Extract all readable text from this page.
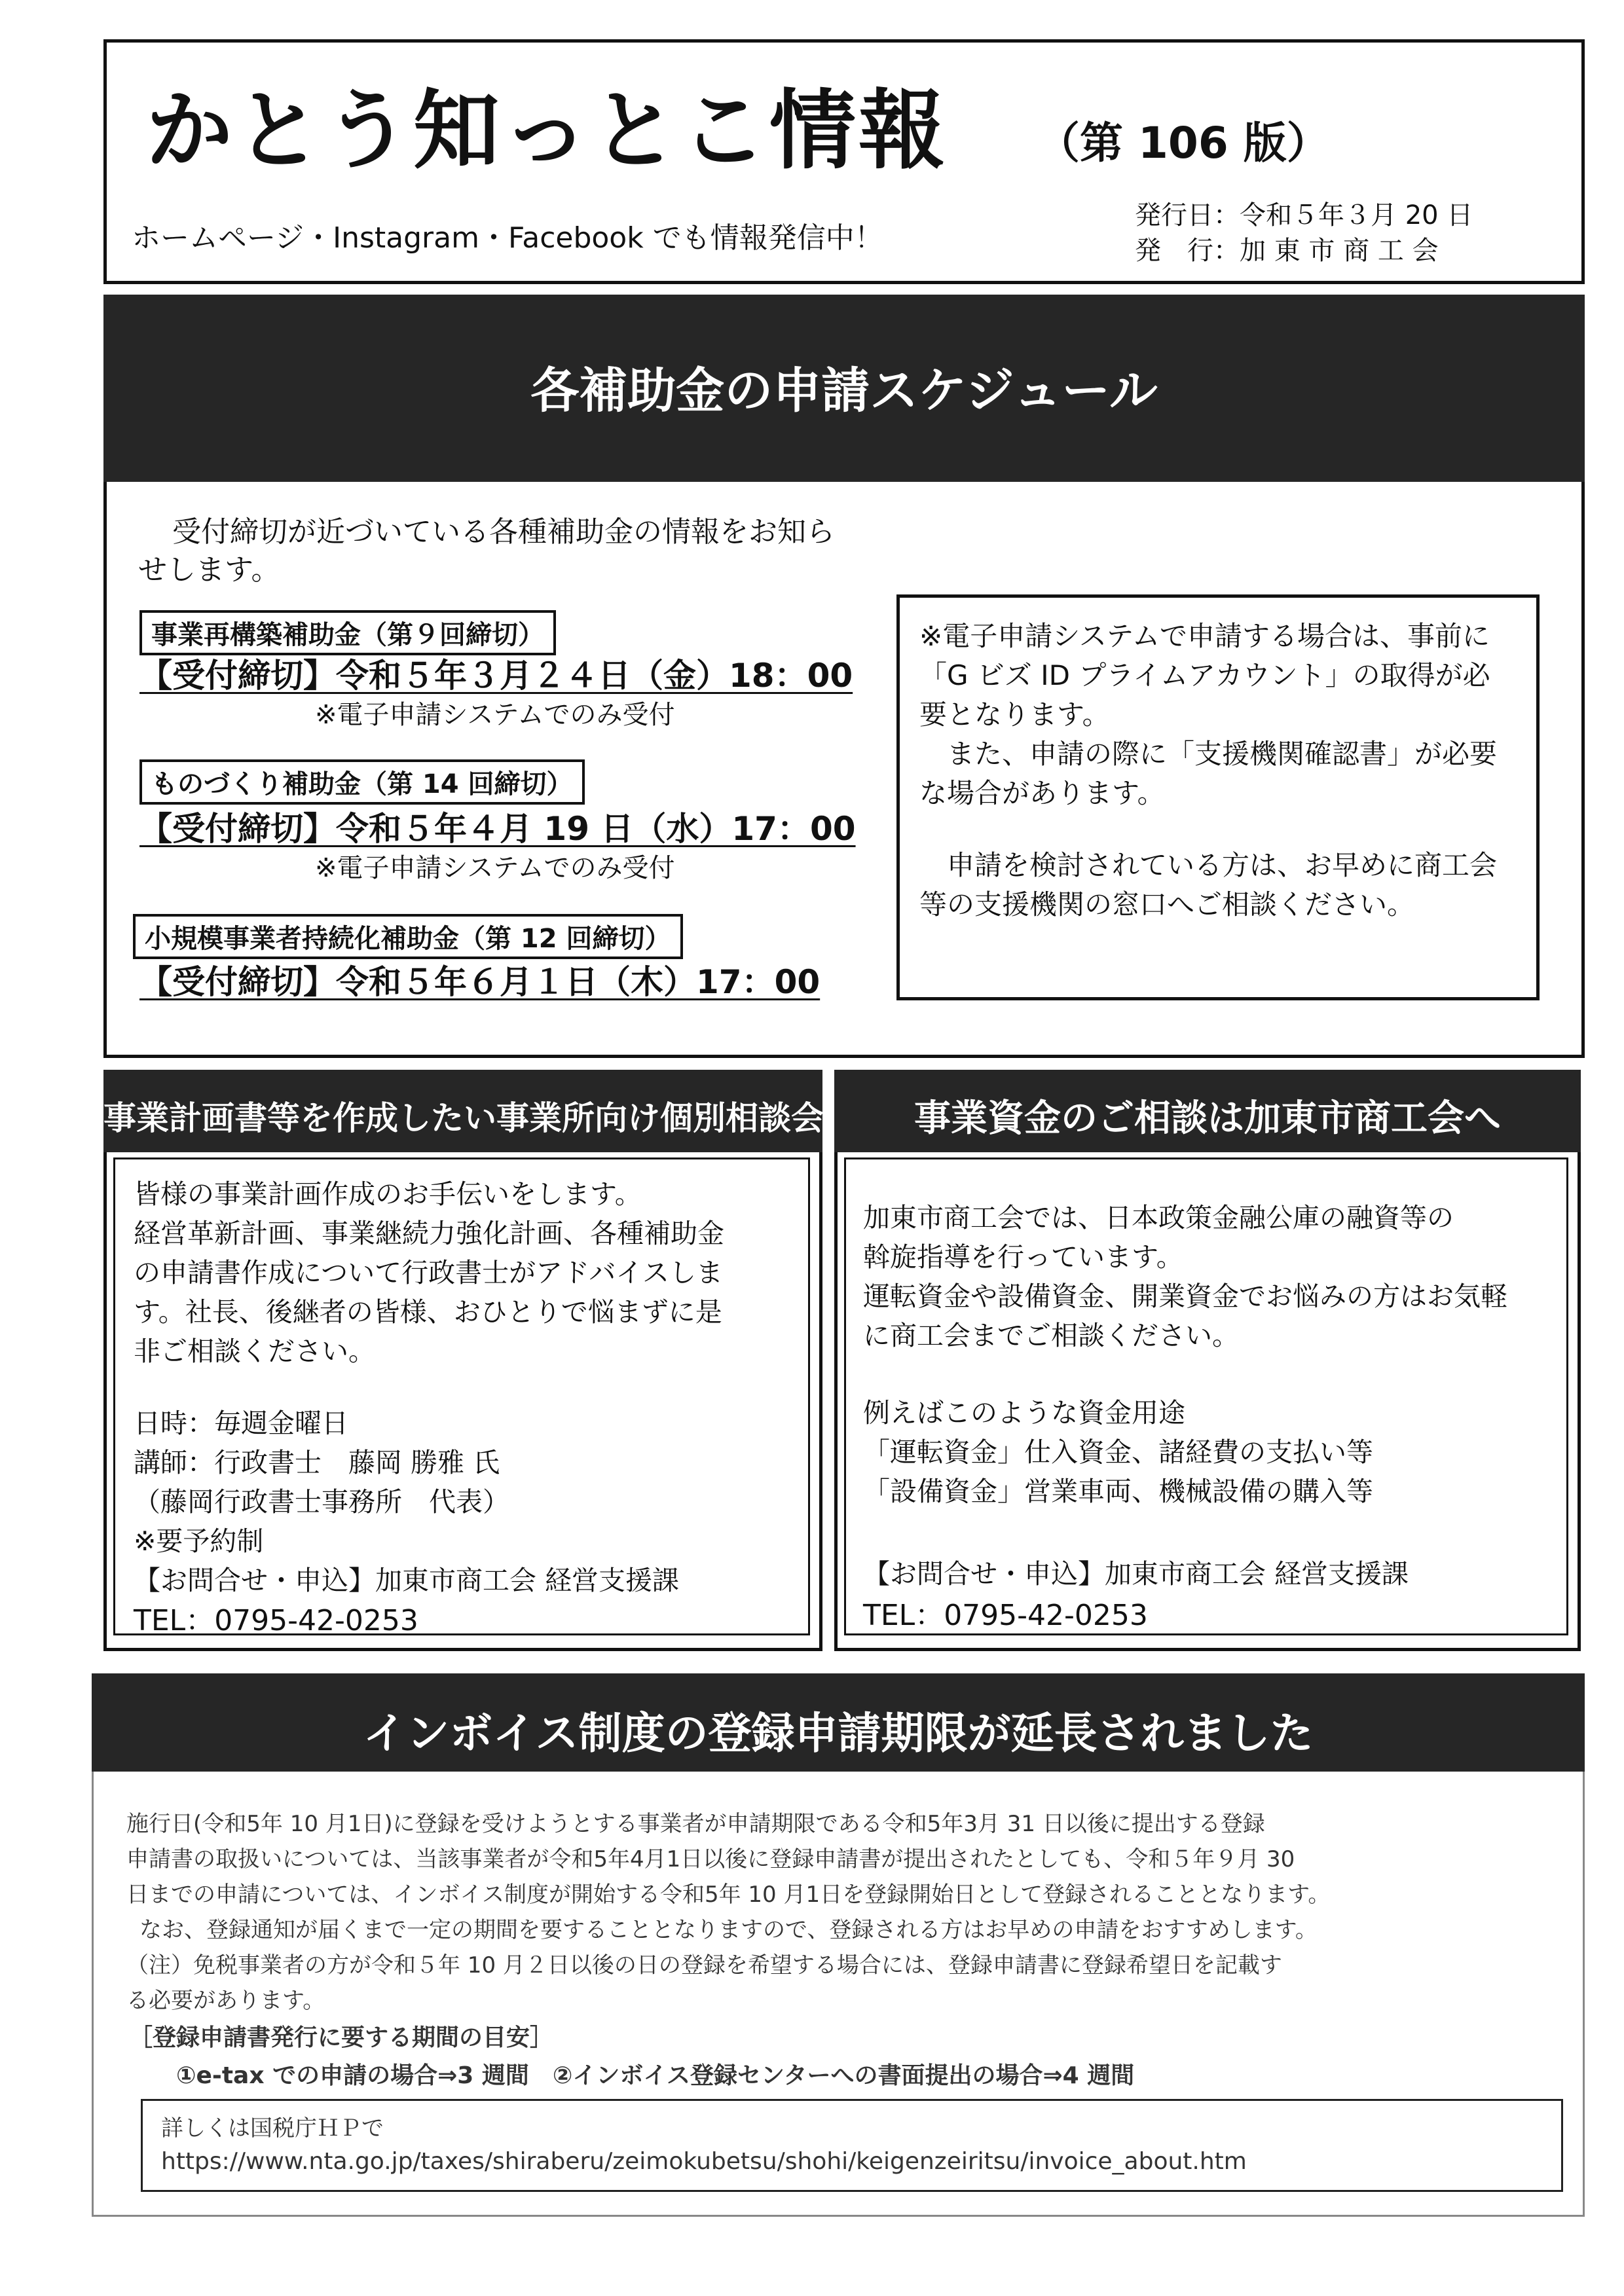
かとう知っとこ情報 （第 106 版）
ホームページ・Instagram・Facebook でも情報発信中！
発行日：令和５年３月 20 日
発　行：加 東 市 商 工 会
各補助金の申請スケジュール
受付締切が近づいている各種補助金の情報をお知ら
せします。
事業再構築補助金（第９回締切）
【受付締切】令和５年３月２４日（金）18：00
※電子申請システムでのみ受付
ものづくり補助金（第 14 回締切）
【受付締切】令和５年４月 19 日（水）17：00
※電子申請システムでのみ受付
小規模事業者持続化補助金（第 12 回締切）
【受付締切】令和５年６月１日（木）17：00
※電子申請システムで申請する場合は、事前に
「G ビズ ID プライムアカウント」の取得が必
要となります。
　また、申請の際に「支援機関確認書」が必要
な場合があります。
　申請を検討されている方は、お早めに商工会
等の支援機関の窓口へご相談ください。
事業計画書等を作成したい事業所向け個別相談会
皆様の事業計画作成のお手伝いをします。
経営革新計画、事業継続力強化計画、各種補助金
の申請書作成について行政書士がアドバイスしま
す。社長、後継者の皆様、おひとりで悩まずに是
非ご相談ください。
日時：毎週金曜日
講師：行政書士　藤岡 勝雅 氏
（藤岡行政書士事務所　代表）
※要予約制
【お問合せ・申込】加東市商工会 経営支援課
TEL：0795-42-0253
事業資金のご相談は加東市商工会へ
加東市商工会では、日本政策金融公庫の融資等の
斡旋指導を行っています。
運転資金や設備資金、開業資金でお悩みの方はお気軽
に商工会までご相談ください。
例えばこのような資金用途
「運転資金」仕入資金、諸経費の支払い等
「設備資金」営業車両、機械設備の購入等
【お問合せ・申込】加東市商工会 経営支援課
TEL：0795-42-0253
インボイス制度の登録申請期限が延長されました
施行日(令和5年 10 月1日)に登録を受けようとする事業者が申請期限である令和5年3月 31 日以後に提出する登録
申請書の取扱いについては、当該事業者が令和5年4月1日以後に登録申請書が提出されたとしても、令和５年９月 30
日までの申請については、インボイス制度が開始する令和5年 10 月1日を登録開始日として登録されることとなります。
なお、登録通知が届くまで一定の期間を要することとなりますので、登録される方はお早めの申請をおすすめします。
（注）免税事業者の方が令和５年 10 月２日以後の日の登録を希望する場合には、登録申請書に登録希望日を記載す
る必要があります。
［登録申請書発行に要する期間の目安］
①e-tax での申請の場合⇒3 週間　②インボイス登録センターへの書面提出の場合⇒4 週間
詳しくは国税庁ＨＰで
https://www.nta.go.jp/taxes/shiraberu/zeimokubetsu/shohi/keigenzeiritsu/invoice_about.htm
